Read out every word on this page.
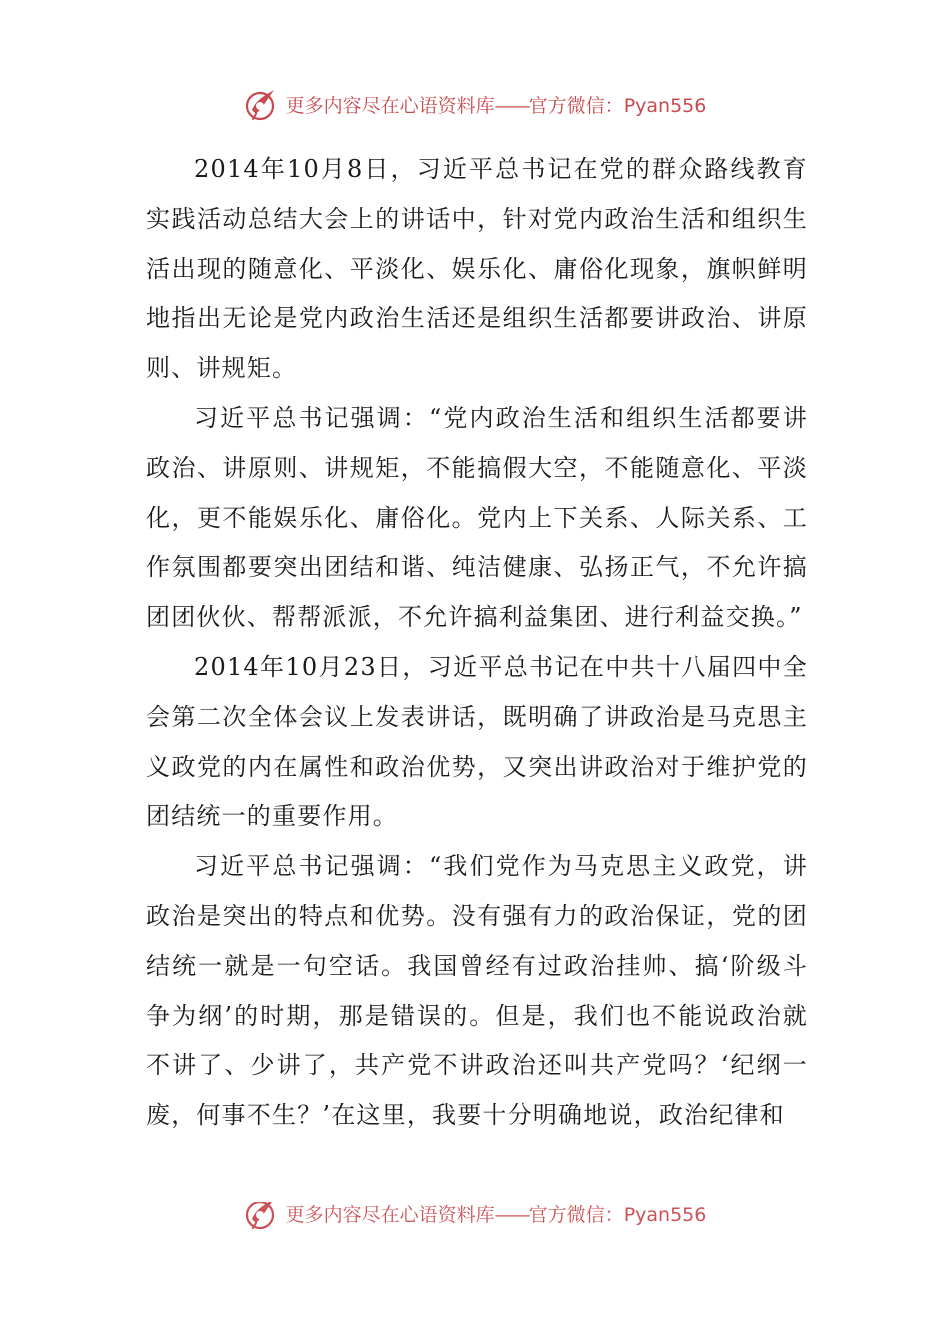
更多内容尽在心语资料库——官方微信：Pyan556

2014年10月8日，习近平总书记在党的群众路线教育实践活动总结大会上的讲话中，针对党内政治生活和组织生活出现的随意化、平淡化、娱乐化、庸俗化现象，旗帜鲜明地指出无论是党内政治生活还是组织生活都要讲政治、讲原则、讲规矩。

习近平总书记强调：“党内政治生活和组织生活都要讲政治、讲原则、讲规矩，不能搞假大空，不能随意化、平淡化，更不能娱乐化、庸俗化。党内上下关系、人际关系、工作氛围都要突出团结和谐、纯洁健康、弘扬正气，不允许搞团团伙伙、帮帮派派，不允许搞利益集团、进行利益交换。”

2014年10月23日，习近平总书记在中共十八届四中全会第二次全体会议上发表讲话，既明确了讲政治是马克思主义政党的内在属性和政治优势，又突出讲政治对于维护党的团结统一的重要作用。

习近平总书记强调：“我们党作为马克思主义政党，讲政治是突出的特点和优势。没有强有力的政治保证，党的团结统一就是一句空话。我国曾经有过政治挂帅、搞‘阶级斗争为纲’的时期，那是错误的。但是，我们也不能说政治就不讲了、少讲了，共产党不讲政治还叫共产党吗？‘纪纲一废，何事不生？’在这里，我要十分明确地说，政治纪律和

更多内容尽在心语资料库——官方微信：Pyan556
